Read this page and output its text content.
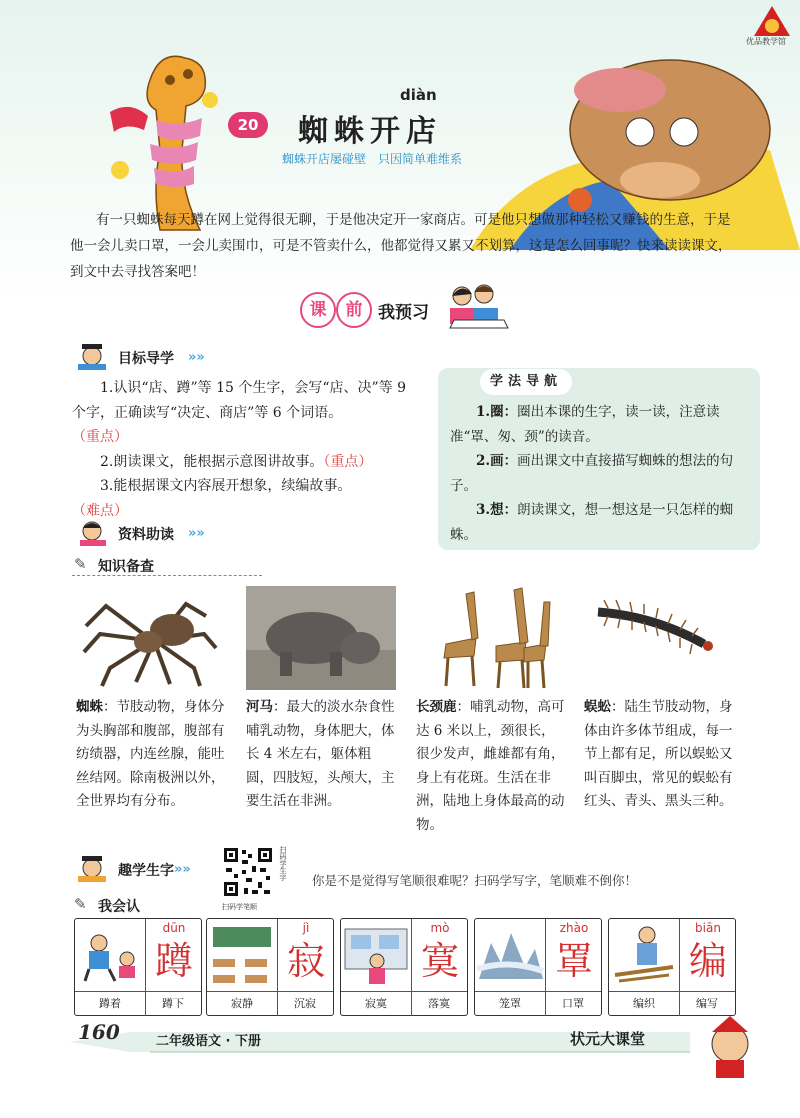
优品教学馆
20
diàn
蜘蛛开店
蜘蛛开店屡碰壁　只因简单难维系
有一只蜘蛛每天蹲在网上觉得很无聊，于是他决定开一家商店。可是他只想做那种轻松又赚钱的生意，于是他一会儿卖口罩，一会儿卖围巾，可是不管卖什么，他都觉得又累又不划算，这是怎么回事呢？快来读读课文，到文中去寻找答案吧！
课	前 我预习
目标导学 »»

1.认识“店、蹲”等 15 个生字，会写“店、决”等 9 个字，正确读写“决定、商店”等 6 个词语。
（重点）

2.朗读课文，能根据示意图讲故事。（重点）

3.能根据课文内容展开想象，续编故事。
（难点）

学法导航

1.圈：圈出本课的生字，读一读，注意读准“罩、匆、颈”的读音。

2.画：画出课文中直接描写蜘蛛的想法的句子。

3.想：朗读课文，想一想这是一只怎样的蜘蛛。

资料助读 »»
✎ 知识备查
蜘蛛：节肢动物，身体分为头胸部和腹部，腹部有纺绩器，内连丝腺，能吐丝结网。除南极洲以外，全世界均有分布。
河马：最大的淡水杂食性哺乳动物，身体肥大，体长 4 米左右，躯体粗圆，四肢短，头颅大，主要生活在非洲。
长颈鹿：哺乳动物，高可达 6 米以上，颈很长，很少发声，雌雄都有角，身上有花斑。生活在非洲，陆地上身体最高的动物。
蜈蚣：陆生节肢动物，身体由许多体节组成，每一节上都有足，所以蜈蚣又叫百脚虫，常见的蜈蚣有红头、青头、黑头三种。
趣学生字 »»
扫码学笔顺
扫码学生字 你是不是觉得写笔顺很难呢？扫码学写字，笔顺难不倒你！
✎ 我会认
dūn
蹲
蹲着	蹲下
jì
寂
寂静	沉寂
mò
寞
寂寞	落寞
zhào
罩
笼罩	口罩
biān
编
编织	编写
160	二年级语文 · 下册	状元大课堂
